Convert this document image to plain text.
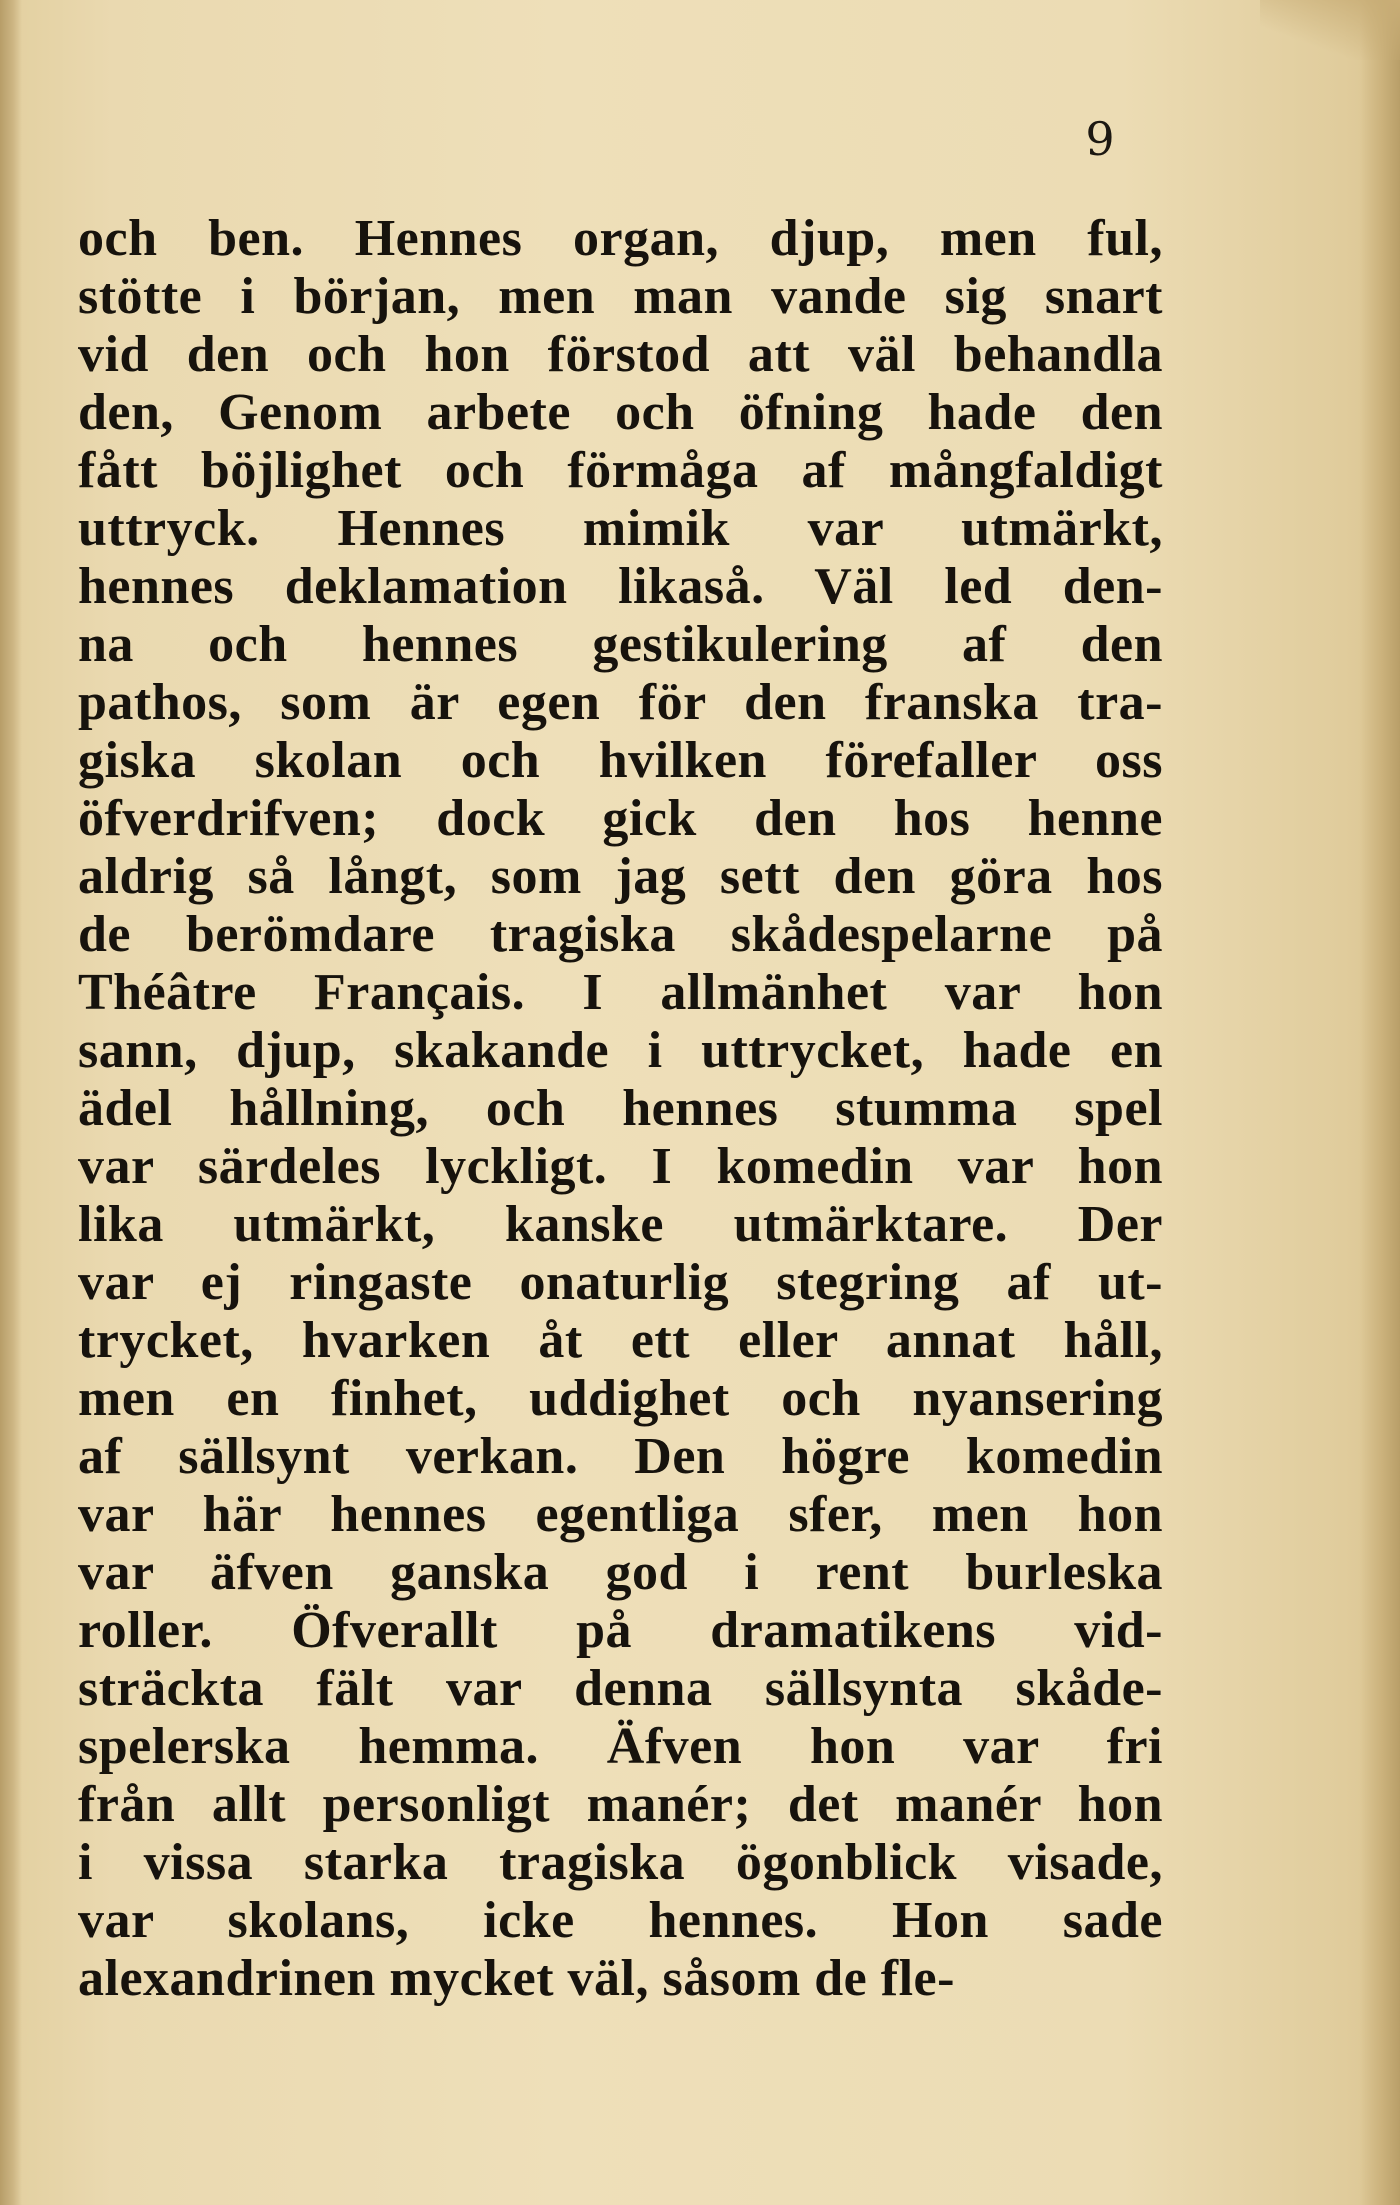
9

och ben. Hennes organ, djup, men ful,
stötte i början, men man vande sig snart
vid den och hon förstod att väl behandla
den, Genom arbete och öfning hade den
fått böjlighet och förmåga af mångfaldigt
uttryck. Hennes mimik var utmärkt,
hennes deklamation likaså. Väl led den-
na och hennes gestikulering af den
pathos, som är egen för den franska tra-
giska skolan och hvilken förefaller oss
öfverdrifven; dock gick den hos henne
aldrig så långt, som jag sett den göra hos
de berömdare tragiska skådespelarne på
Théâtre Français. I allmänhet var hon
sann, djup, skakande i uttrycket, hade en
ädel hållning, och hennes stumma spel
var särdeles lyckligt. I komedin var hon
lika utmärkt, kanske utmärktare. Der
var ej ringaste onaturlig stegring af ut-
trycket, hvarken åt ett eller annat håll,
men en finhet, uddighet och nyansering
af sällsynt verkan. Den högre komedin
var här hennes egentliga sfer, men hon
var äfven ganska god i rent burleska
roller. Öfverallt på dramatikens vid-
sträckta fält var denna sällsynta skåde-
spelerska hemma. Äfven hon var fri
från allt personligt manér; det manér hon
i vissa starka tragiska ögonblick visade,
var skolans, icke hennes. Hon sade
alexandrinen mycket väl, såsom de fle-
